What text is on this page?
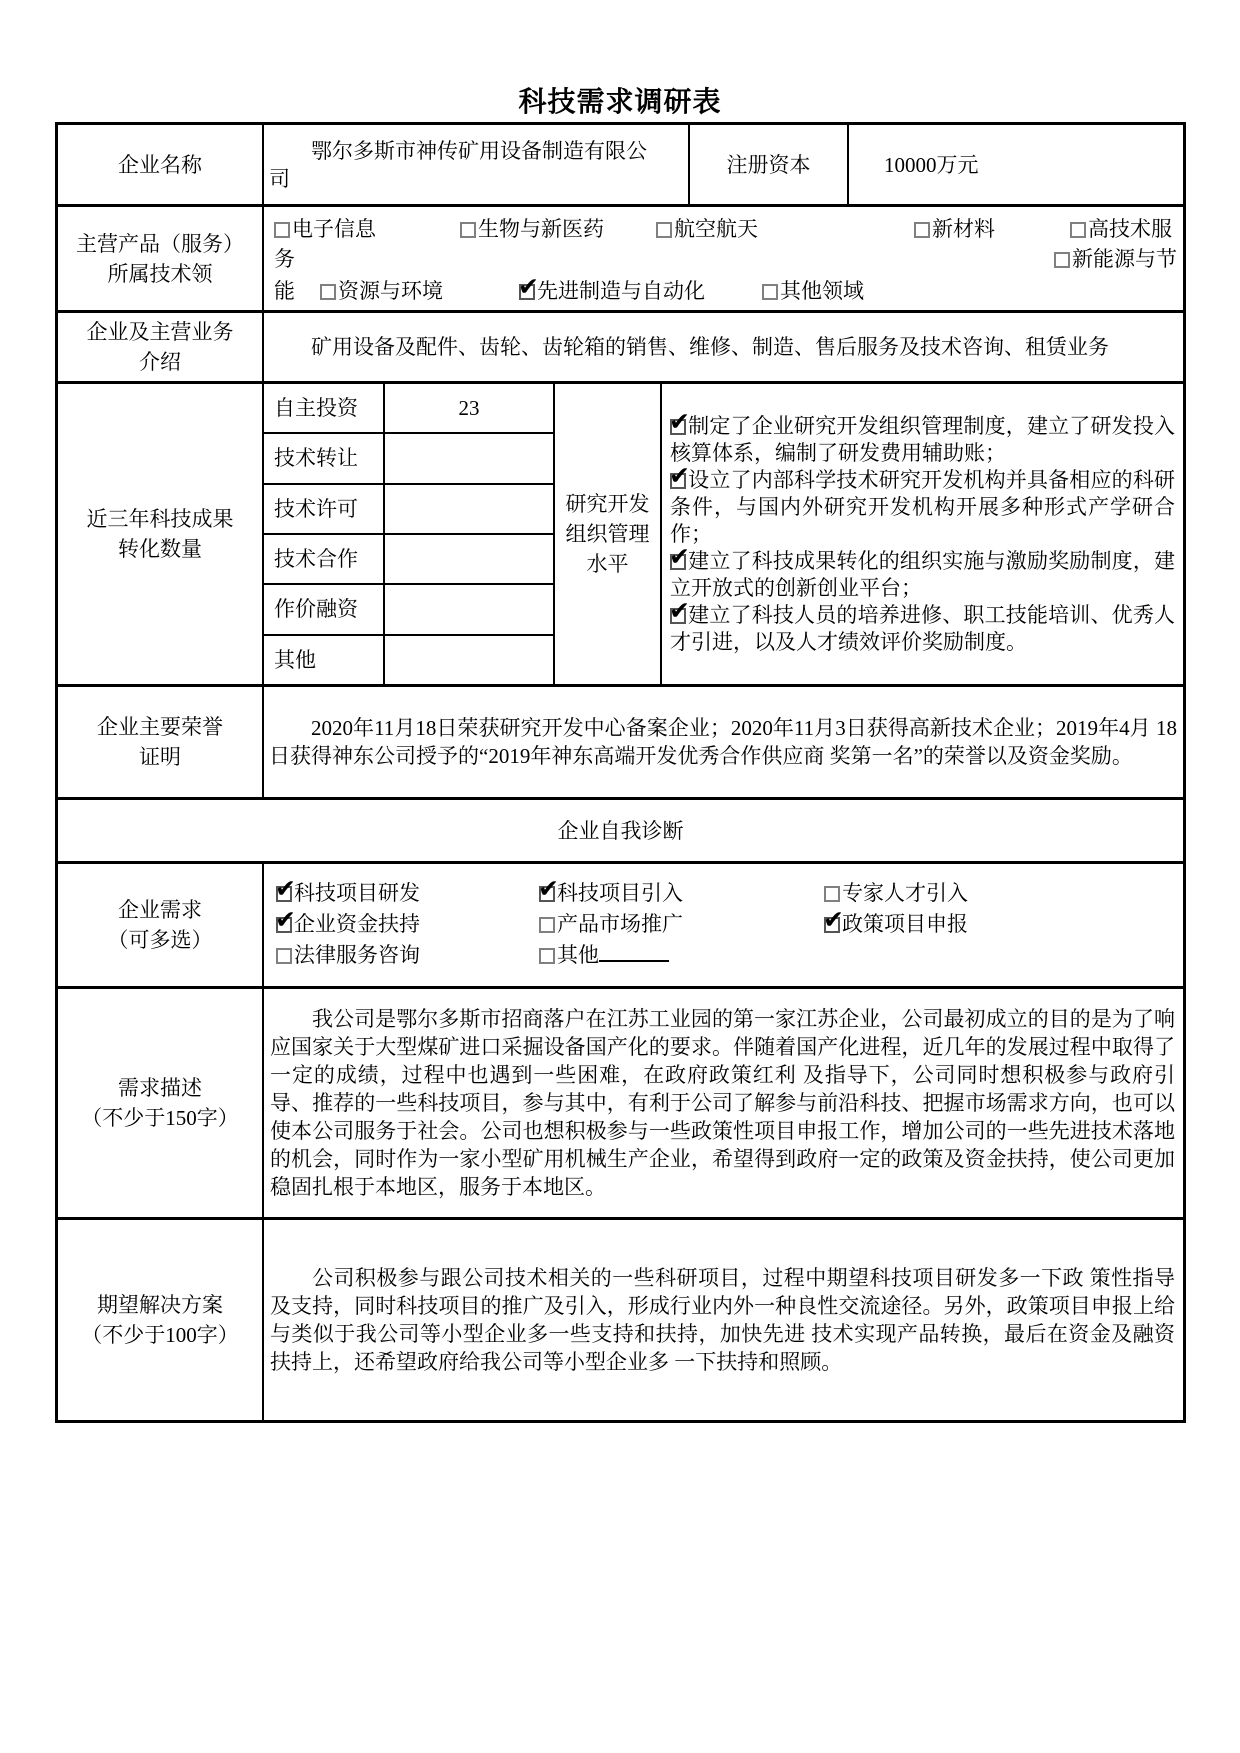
科技需求调研表
企业名称
鄂尔多斯市神传矿用设备制造有限公司
注册资本	10000万元
主营产品（服务）
所属技术领
电子信息	生物与新医药	航空航天	新材料	高技术服
务	新能源与节
能	资源与环境 ✔	先进制造与自动化	其他领域
企业及主营业务
介绍
矿用设备及配件、齿轮、齿轮箱的销售、维修、制造、售后服务及技术咨询、租赁业务
近三年科技成果
转化数量
自主投资	23
技术转让
技术许可
技术合作
作价融资
其他
研究开发
组织管理
水平
✔制定了企业研究开发组织管理制度，建立了研发投入核算体系，编制了研发费用辅助账；
✔设立了内部科学技术研究开发机构并具备相应的科研条件，与国内外研究开发机构开展多种形式产学研合作；
✔建立了科技成果转化的组织实施与激励奖励制度，建立开放式的创新创业平台；
✔建立了科技人员的培养进修、职工技能培训、优秀人才引进，以及人才绩效评价奖励制度。
企业主要荣誉
证明
2020年11月18日荣获研究开发中心备案企业；2020年11月3日获得高新技术企业；2019年4月 18日获得神东公司授予的“2019年神东高端开发优秀合作供应商 奖第一名”的荣誉以及资金奖励。
企业自我诊断
企业需求
（可多选）
✔科技项目研发 ✔	科技项目引入	专家人才引入
✔企业资金扶持	产品市场推广 ✔	政策项目申报
法律服务咨询	其他
需求描述
（不少于150字）
我公司是鄂尔多斯市招商落户在江苏工业园的第一家江苏企业，公司最初成立的目的是为了响应国家关于大型煤矿进口采掘设备国产化的要求。伴随着国产化进程，近几年的发展过程中取得了一定的成绩，过程中也遇到一些困难，在政府政策红利 及指导下，公司同时想积极参与政府引导、推荐的一些科技项目，参与其中，有利于公司了解参与前沿科技、把握市场需求方向，也可以使本公司服务于社会。公司也想积极参与一些政策性项目申报工作，增加公司的一些先进技术落地的机会，同时作为一家小型矿用机械生产企业，希望得到政府一定的政策及资金扶持，使公司更加稳固扎根于本地区，服务于本地区。
期望解决方案
（不少于100字）
公司积极参与跟公司技术相关的一些科研项目，过程中期望科技项目研发多一下政 策性指导及支持，同时科技项目的推广及引入，形成行业内外一种良性交流途径。另外，政策项目申报上给与类似于我公司等小型企业多一些支持和扶持，加快先进 技术实现产品转换，最后在资金及融资扶持上，还希望政府给我公司等小型企业多 一下扶持和照顾。
